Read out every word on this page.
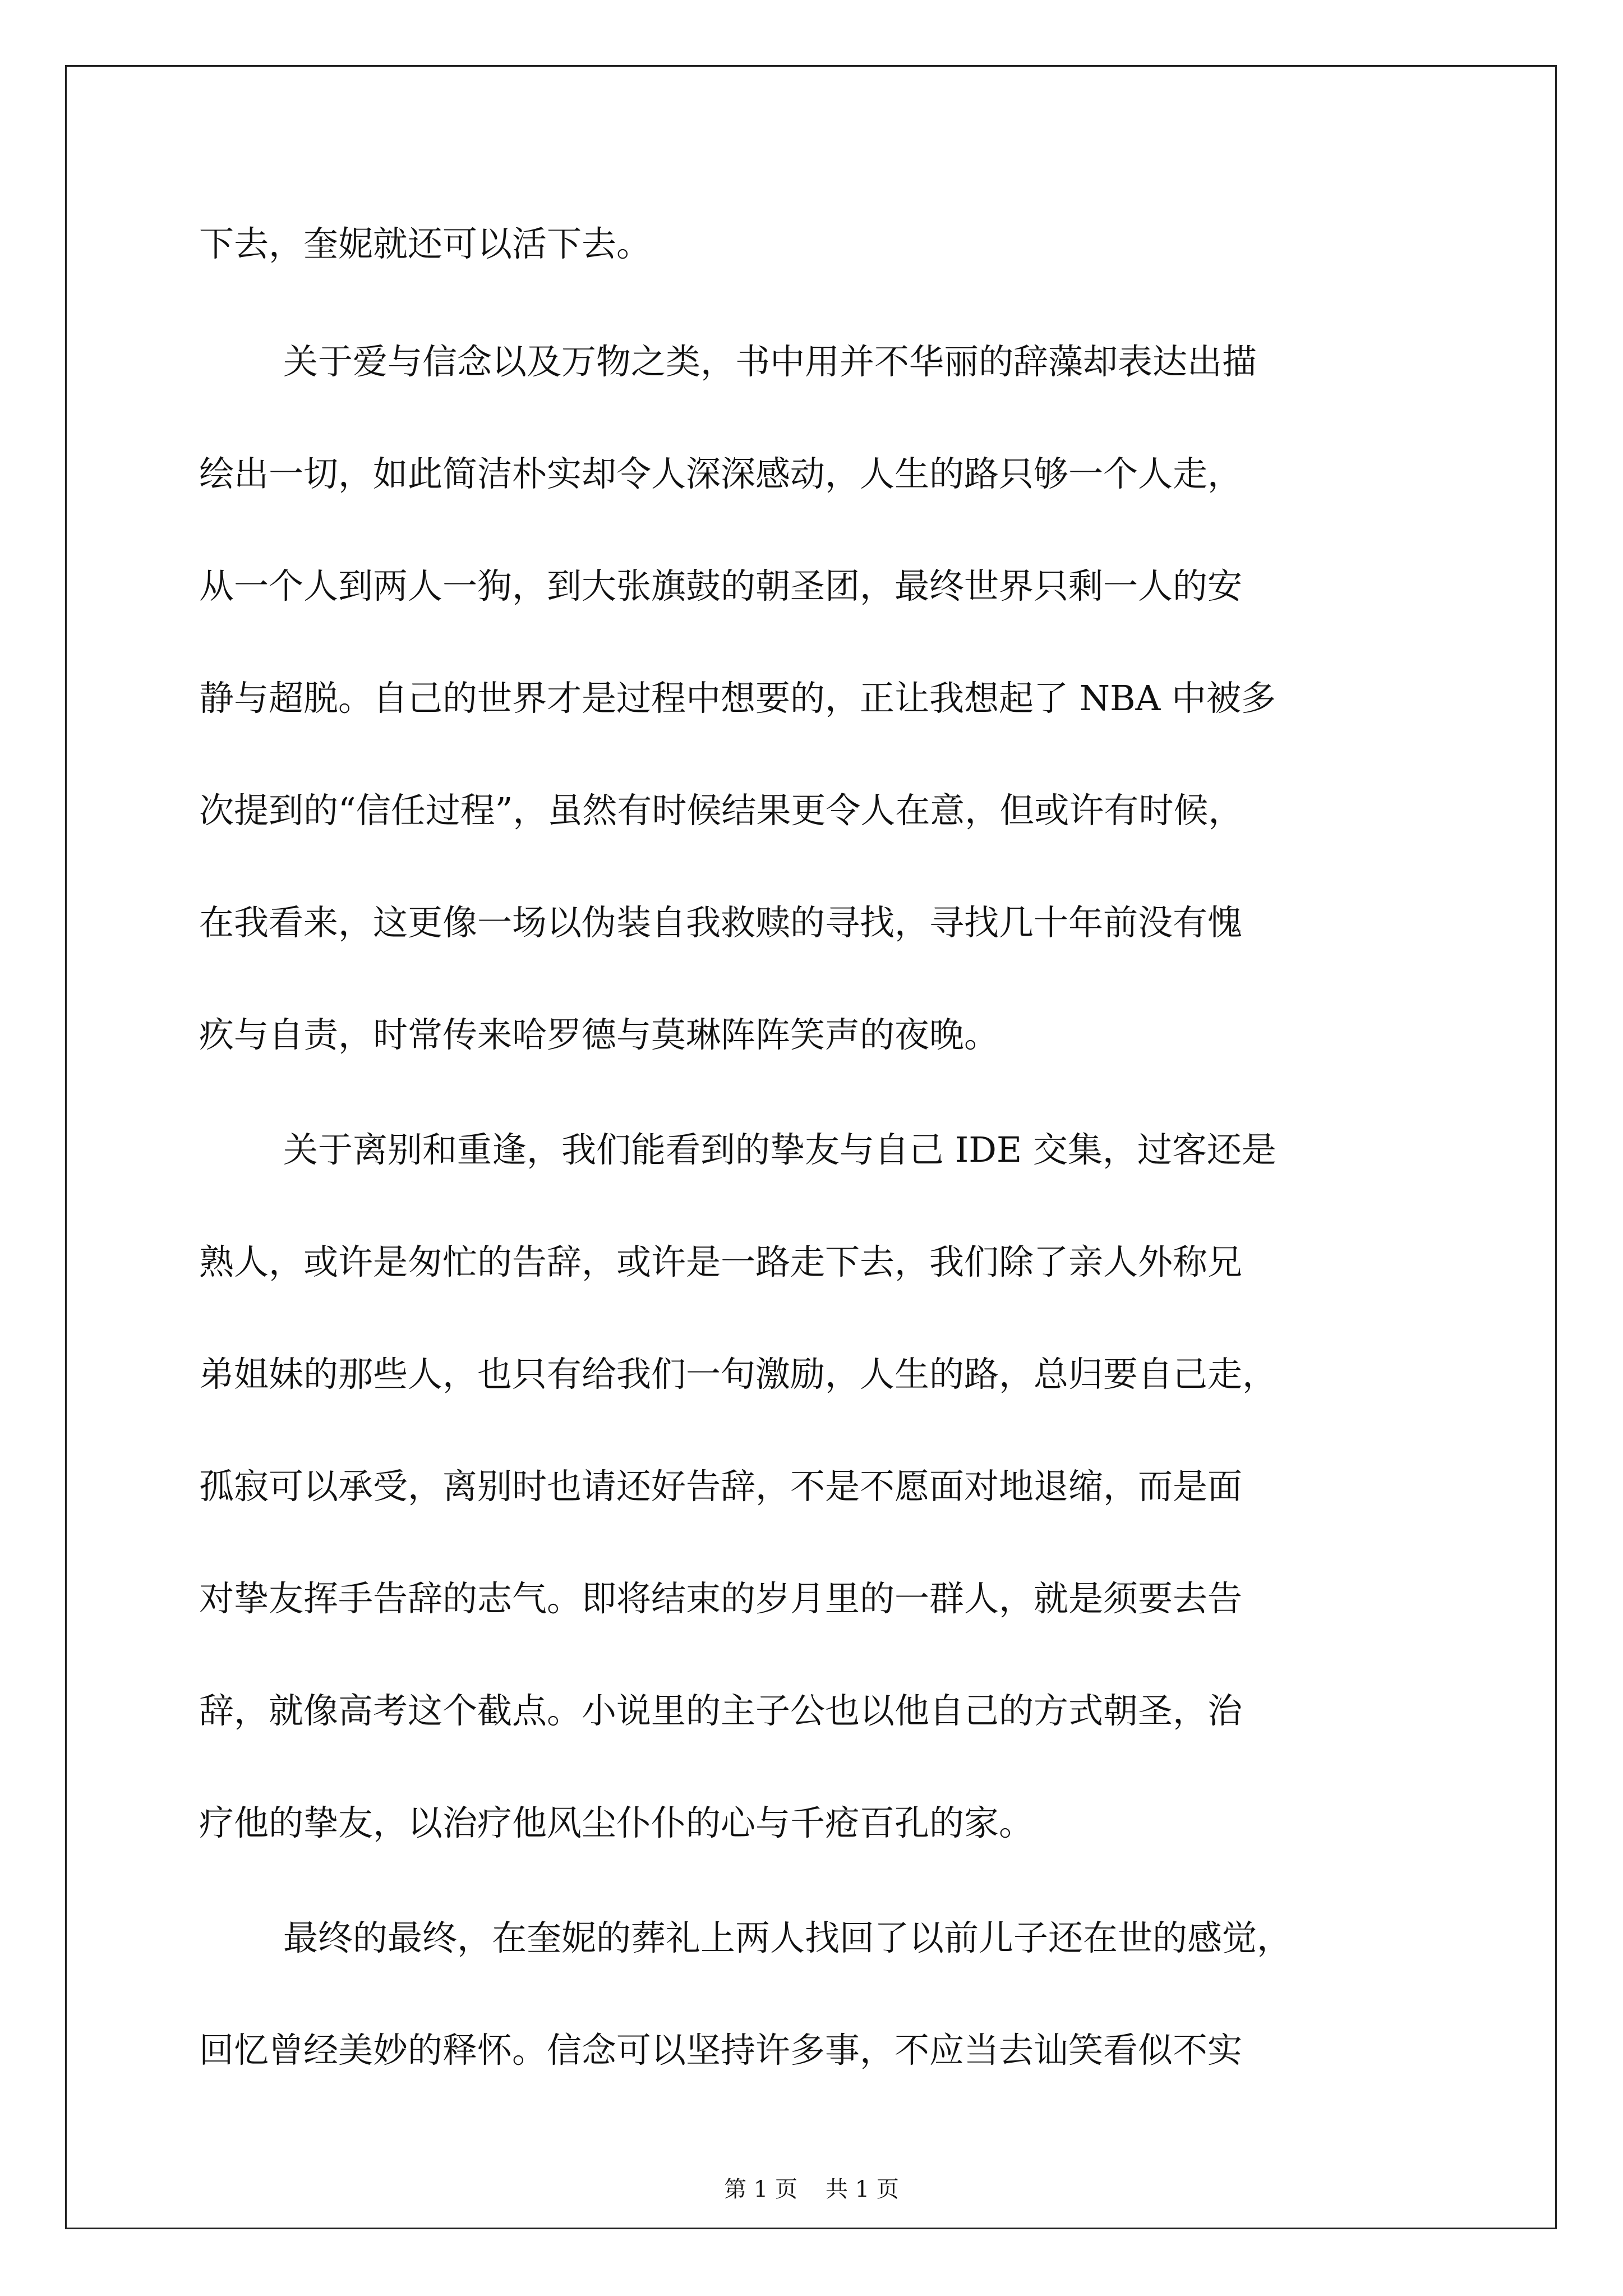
下去，奎妮就还可以活下去。
关于爱与信念以及万物之类，书中用并不华丽的辞藻却表达出描
绘出一切，如此简洁朴实却令人深深感动，人生的路只够一个人走，
从一个人到两人一狗，到大张旗鼓的朝圣团，最终世界只剩一人的安
静与超脱。自己的世界才是过程中想要的，正让我想起了 NBA 中被多
次提到的“信任过程”，虽然有时候结果更令人在意，但或许有时候，
在我看来，这更像一场以伪装自我救赎的寻找，寻找几十年前没有愧
疚与自责，时常传来哈罗德与莫琳阵阵笑声的夜晚。
关于离别和重逢，我们能看到的挚友与自己 IDE 交集，过客还是
熟人，或许是匆忙的告辞，或许是一路走下去，我们除了亲人外称兄
弟姐妹的那些人，也只有给我们一句激励，人生的路，总归要自己走，
孤寂可以承受，离别时也请还好告辞，不是不愿面对地退缩，而是面
对挚友挥手告辞的志气。即将结束的岁月里的一群人，就是须要去告
辞，就像高考这个截点。小说里的主子公也以他自己的方式朝圣，治
疗他的挚友，以治疗他风尘仆仆的心与千疮百孔的家。
最终的最终，在奎妮的葬礼上两人找回了以前儿子还在世的感觉，
回忆曾经美妙的释怀。信念可以坚持许多事，不应当去讪笑看似不实
第 1 页 共 1 页
